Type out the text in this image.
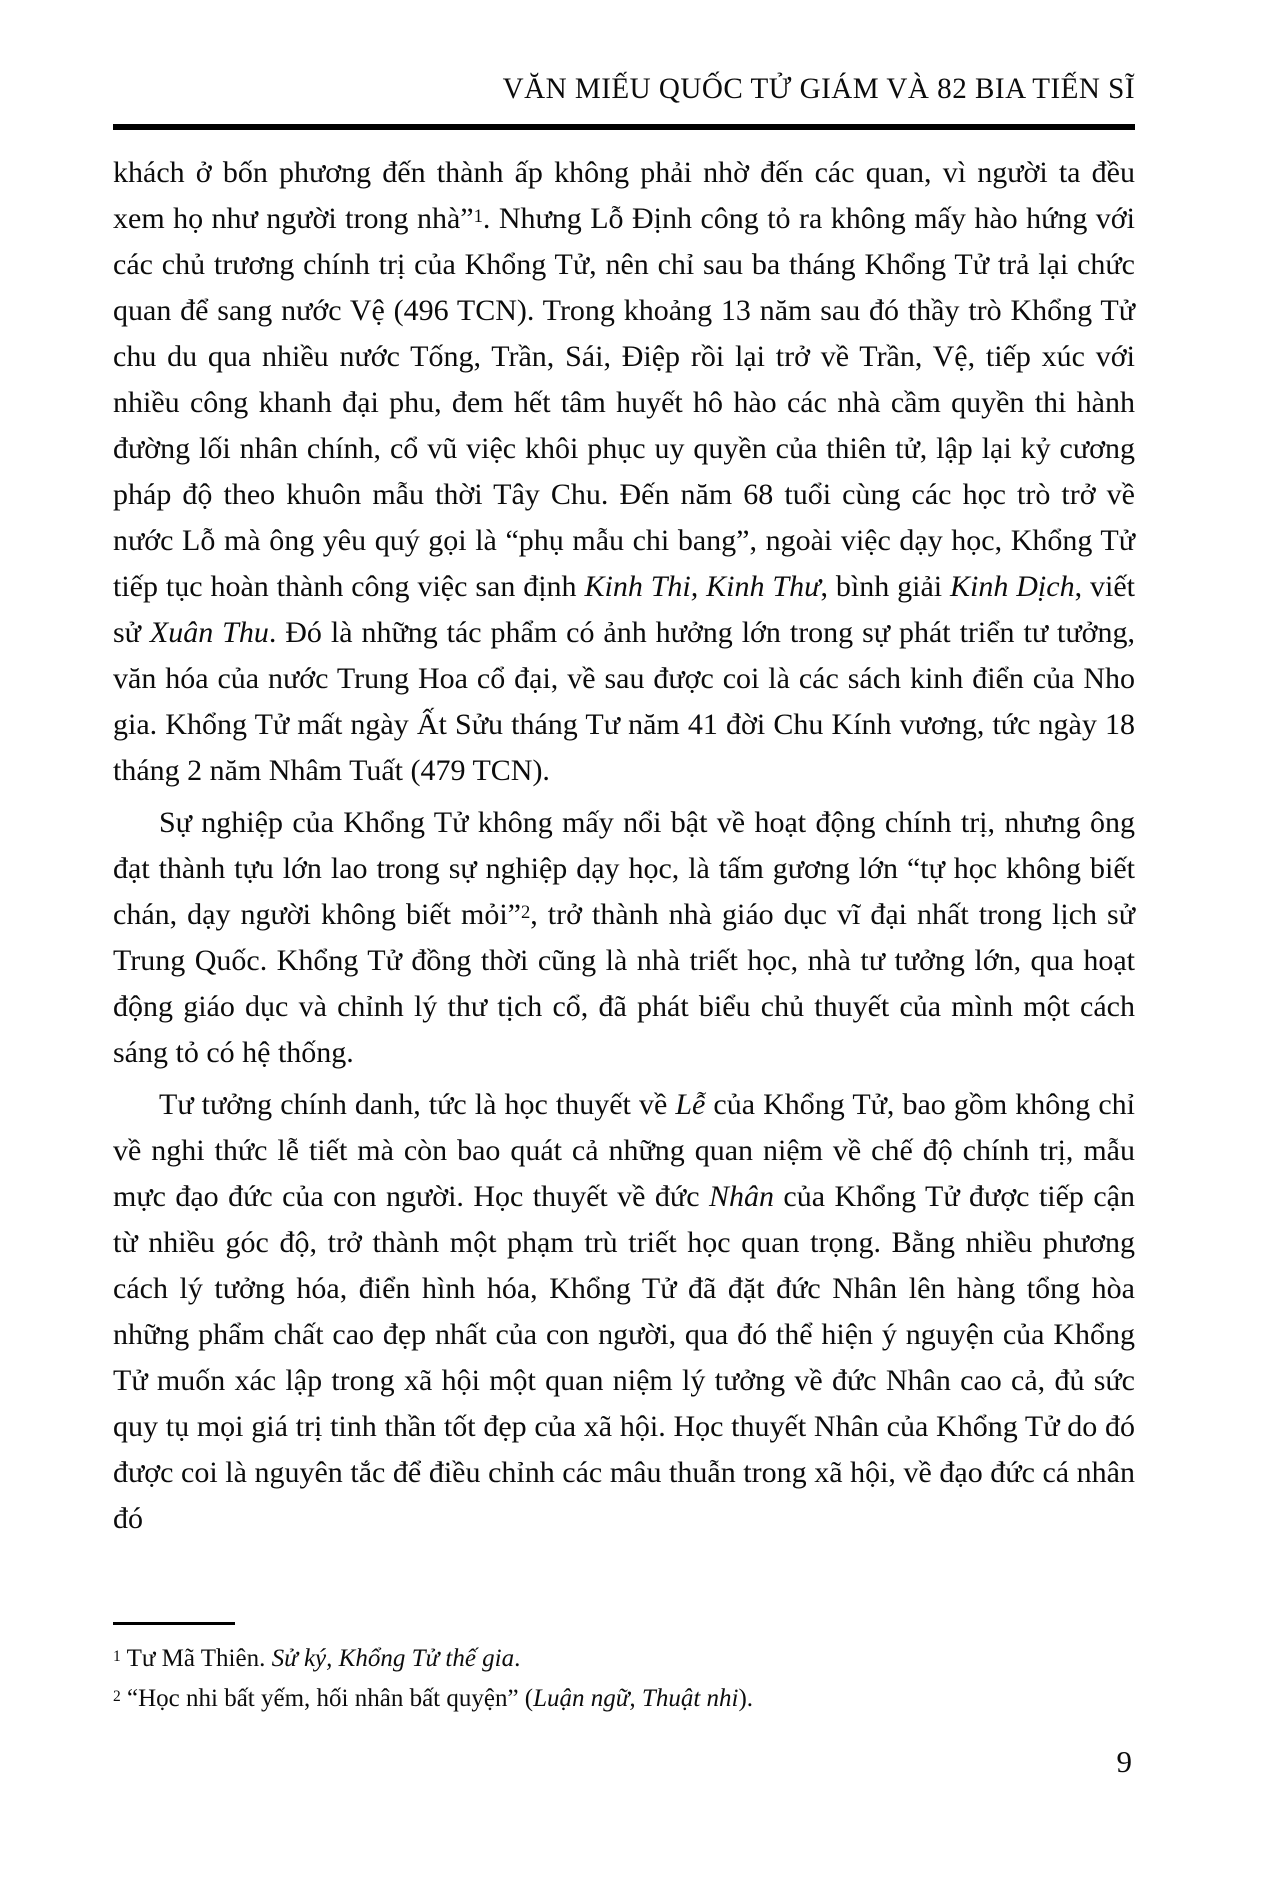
VĂN MIẾU QUỐC TỬ GIÁM VÀ 82 BIA TIẾN SĨ

khách ở bốn phương đến thành ấp không phải nhờ đến các quan, vì người ta đều xem họ như người trong nhà”$^1$. Nhưng Lỗ Định công tỏ ra không mấy hào hứng với các chủ trương chính trị của Khổng Tử, nên chỉ sau ba tháng Khổng Tử trả lại chức quan để sang nước Vệ (496 TCN). Trong khoảng 13 năm sau đó thầy trò Khổng Tử chu du qua nhiều nước Tống, Trần, Sái, Điệp rồi lại trở về Trần, Vệ, tiếp xúc với nhiều công khanh đại phu, đem hết tâm huyết hô hào các nhà cầm quyền thi hành đường lối nhân chính, cổ vũ việc khôi phục uy quyền của thiên tử, lập lại kỷ cương pháp độ theo khuôn mẫu thời Tây Chu. Đến năm 68 tuổi cùng các học trò trở về nước Lỗ mà ông yêu quý gọi là “phụ mẫu chi bang”, ngoài việc dạy học, Khổng Tử tiếp tục hoàn thành công việc san định Kinh Thi, Kinh Thư, bình giải Kinh Dịch, viết sử Xuân Thu. Đó là những tác phẩm có ảnh hưởng lớn trong sự phát triển tư tưởng, văn hóa của nước Trung Hoa cổ đại, về sau được coi là các sách kinh điển của Nho gia. Khổng Tử mất ngày Ất Sửu tháng Tư năm 41 đời Chu Kính vương, tức ngày 18 tháng 2 năm Nhâm Tuất (479 TCN).

Sự nghiệp của Khổng Tử không mấy nổi bật về hoạt động chính trị, nhưng ông đạt thành tựu lớn lao trong sự nghiệp dạy học, là tấm gương lớn “tự học không biết chán, dạy người không biết mỏi”$^2$, trở thành nhà giáo dục vĩ đại nhất trong lịch sử Trung Quốc. Khổng Tử đồng thời cũng là nhà triết học, nhà tư tưởng lớn, qua hoạt động giáo dục và chỉnh lý thư tịch cổ, đã phát biểu chủ thuyết của mình một cách sáng tỏ có hệ thống.

Tư tưởng chính danh, tức là học thuyết về Lễ của Khổng Tử, bao gồm không chỉ về nghi thức lễ tiết mà còn bao quát cả những quan niệm về chế độ chính trị, mẫu mực đạo đức của con người. Học thuyết về đức Nhân của Khổng Tử được tiếp cận từ nhiều góc độ, trở thành một phạm trù triết học quan trọng. Bằng nhiều phương cách lý tưởng hóa, điển hình hóa, Khổng Tử đã đặt đức Nhân lên hàng tổng hòa những phẩm chất cao đẹp nhất của con người, qua đó thể hiện ý nguyện của Khổng Tử muốn xác lập trong xã hội một quan niệm lý tưởng về đức Nhân cao cả, đủ sức quy tụ mọi giá trị tinh thần tốt đẹp của xã hội. Học thuyết Nhân của Khổng Tử do đó được coi là nguyên tắc để điều chỉnh các mâu thuẫn trong xã hội, về đạo đức cá nhân đó

$^1$ Tư Mã Thiên. Sử ký, Khổng Tử thế gia.
$^2$ “Học nhi bất yếm, hối nhân bất quyện” (Luận ngữ, Thuật nhi).
9
